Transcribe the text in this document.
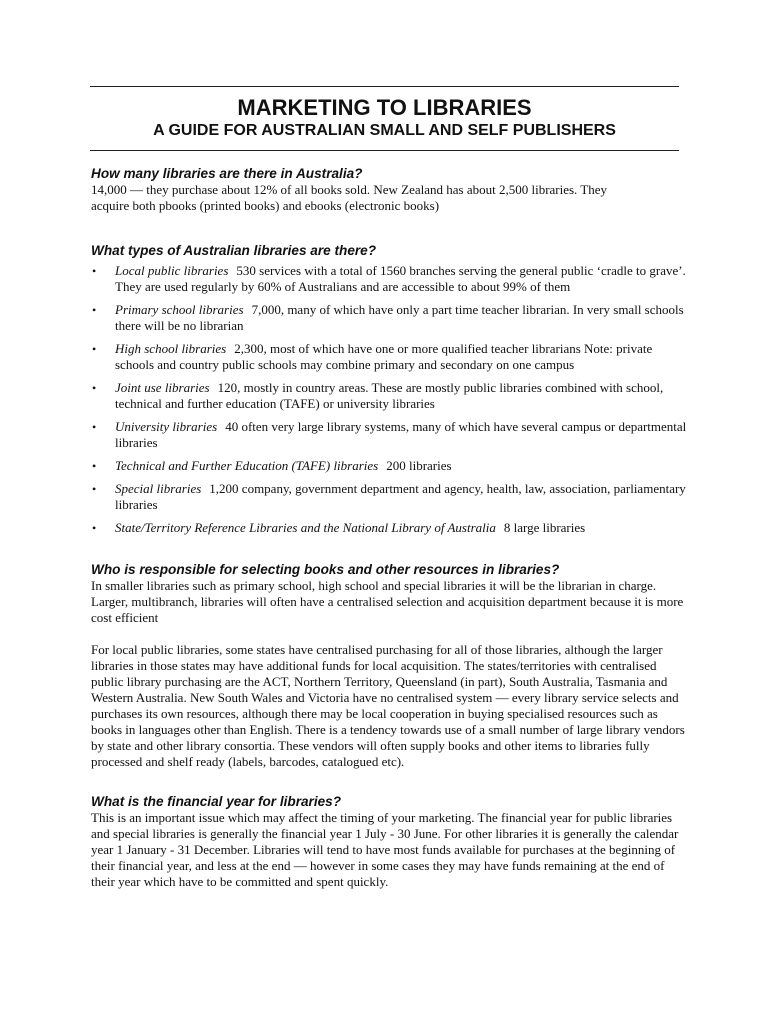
MARKETING TO LIBRARIES
A GUIDE FOR AUSTRALIAN SMALL AND SELF PUBLISHERS
How many libraries are there in Australia?

14,000 — they purchase about 12% of all books sold. New Zealand has about 2,500 libraries. They acquire both pbooks (printed books) and ebooks (electronic books)

What types of Australian libraries are there?
• Local public libraries 530 services with a total of 1560 branches serving the general public ‘cradle to grave’. They are used regularly by 60% of Australians and are accessible to about 99% of them
• Primary school libraries 7,000, many of which have only a part time teacher librarian. In very small schools there will be no librarian
• High school libraries 2,300, most of which have one or more qualified teacher librarians Note: private schools and country public schools may combine primary and secondary on one campus
• Joint use libraries 120, mostly in country areas. These are mostly public libraries combined with school, technical and further education (TAFE) or university libraries
• University libraries 40 often very large library systems, many of which have several campus or departmental libraries
• Technical and Further Education (TAFE) libraries 200 libraries
• Special libraries 1,200 company, government department and agency, health, law, association, parliamentary libraries
• State/Territory Reference Libraries and the National Library of Australia 8 large libraries
Who is responsible for selecting books and other resources in libraries?

In smaller libraries such as primary school, high school and special libraries it will be the librarian in charge. Larger, multibranch, libraries will often have a centralised selection and acquisition department because it is more cost efficient

For local public libraries, some states have centralised purchasing for all of those libraries, although the larger libraries in those states may have additional funds for local acquisition. The states/territories with centralised public library purchasing are the ACT, Northern Territory, Queensland (in part), South Australia, Tasmania and Western Australia. New South Wales and Victoria have no centralised system — every library service selects and purchases its own resources, although there may be local cooperation in buying specialised resources such as books in languages other than English. There is a tendency towards use of a small number of large library vendors by state and other library consortia. These vendors will often supply books and other items to libraries fully processed and shelf ready (labels, barcodes, catalogued etc).

What is the financial year for libraries?

This is an important issue which may affect the timing of your marketing. The financial year for public libraries and special libraries is generally the financial year 1 July - 30 June. For other libraries it is generally the calendar year 1 January - 31 December. Libraries will tend to have most funds available for purchases at the beginning of their financial year, and less at the end — however in some cases they may have funds remaining at the end of their year which have to be committed and spent quickly.
